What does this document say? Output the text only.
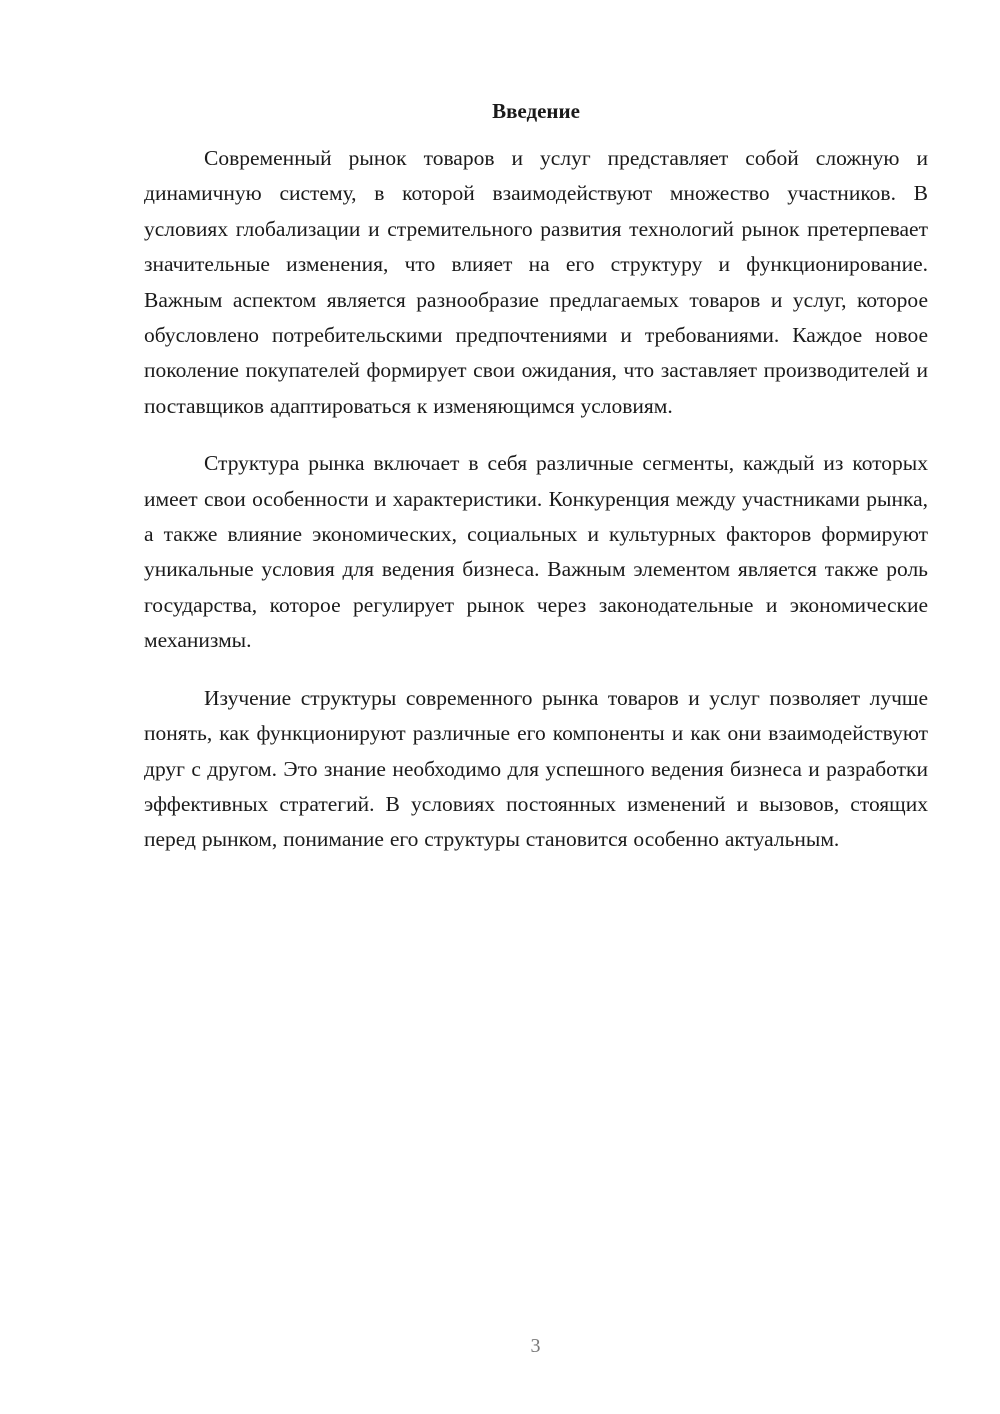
Введение

Современный рынок товаров и услуг представляет собой сложную и динамичную систему, в которой взаимодействуют множество участников. В условиях глобализации и стремительного развития технологий рынок претерпевает значительные изменения, что влияет на его структуру и функционирование. Важным аспектом является разнообразие предлагаемых товаров и услуг, которое обусловлено потребительскими предпочтениями и требованиями. Каждое новое поколение покупателей формирует свои ожидания, что заставляет производителей и поставщиков адаптироваться к изменяющимся условиям.

Структура рынка включает в себя различные сегменты, каждый из которых имеет свои особенности и характеристики. Конкуренция между участниками рынка, а также влияние экономических, социальных и культурных факторов формируют уникальные условия для ведения бизнеса. Важным элементом является также роль государства, которое регулирует рынок через законодательные и экономические механизмы.

Изучение структуры современного рынка товаров и услуг позволяет лучше понять, как функционируют различные его компоненты и как они взаимодействуют друг с другом. Это знание необходимо для успешного ведения бизнеса и разработки эффективных стратегий. В условиях постоянных изменений и вызовов, стоящих перед рынком, понимание его структуры становится особенно актуальным.

3
